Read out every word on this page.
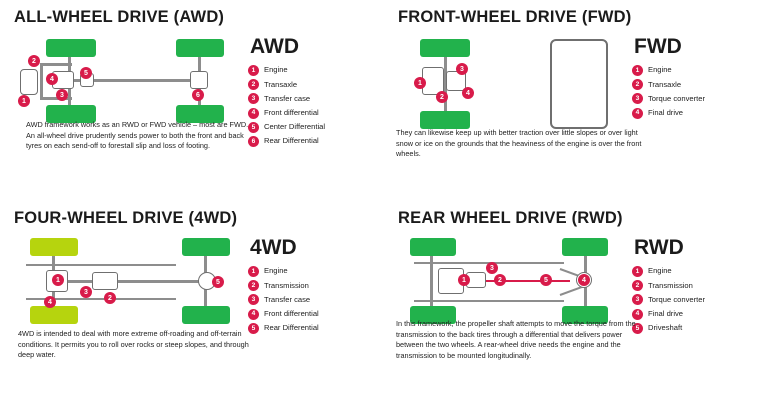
ALL-WHEEL DRIVE (AWD)
2
1
3
4
5
6
AWD
1	Engine
2	Transaxle
3	Transfer case
4	Front differential
5	Center Differential
6	Rear Differential
AWD framework works as an RWD or FWD vehicle – most are FWD. An all-wheel drive prudently sends power to both the front and back tyres on each send-off to forestall slip and loss of footing.
FRONT-WHEEL DRIVE (FWD)
1
2
3
4
FWD
1	Engine
2	Transaxle
3	Torque converter
4	Final drive
They can likewise keep up with better traction over little slopes or over light snow or ice on the grounds that the heaviness of the engine is over the front wheels.
FOUR-WHEEL DRIVE (4WD)
1
2
3
4
5
4WD
1	Engine
2	Transmission
3	Transfer case
4	Front differential
5	Rear Differential
4WD is intended to deal with more extreme off-roading and off-terrain conditions. It permits you to roll over rocks or steep slopes, and through deep water.
REAR WHEEL DRIVE (RWD)
1	2	5	4
3
RWD
1	Engine
2	Transmission
3	Torque converter
4	Final drive
5	Driveshaft
In this framework, the propeller shaft attempts to move the torque from the transmission to the back tires through a differential that delivers power between the two wheels. A rear-wheel drive needs the engine and the transmission to be mounted longitudinally.
